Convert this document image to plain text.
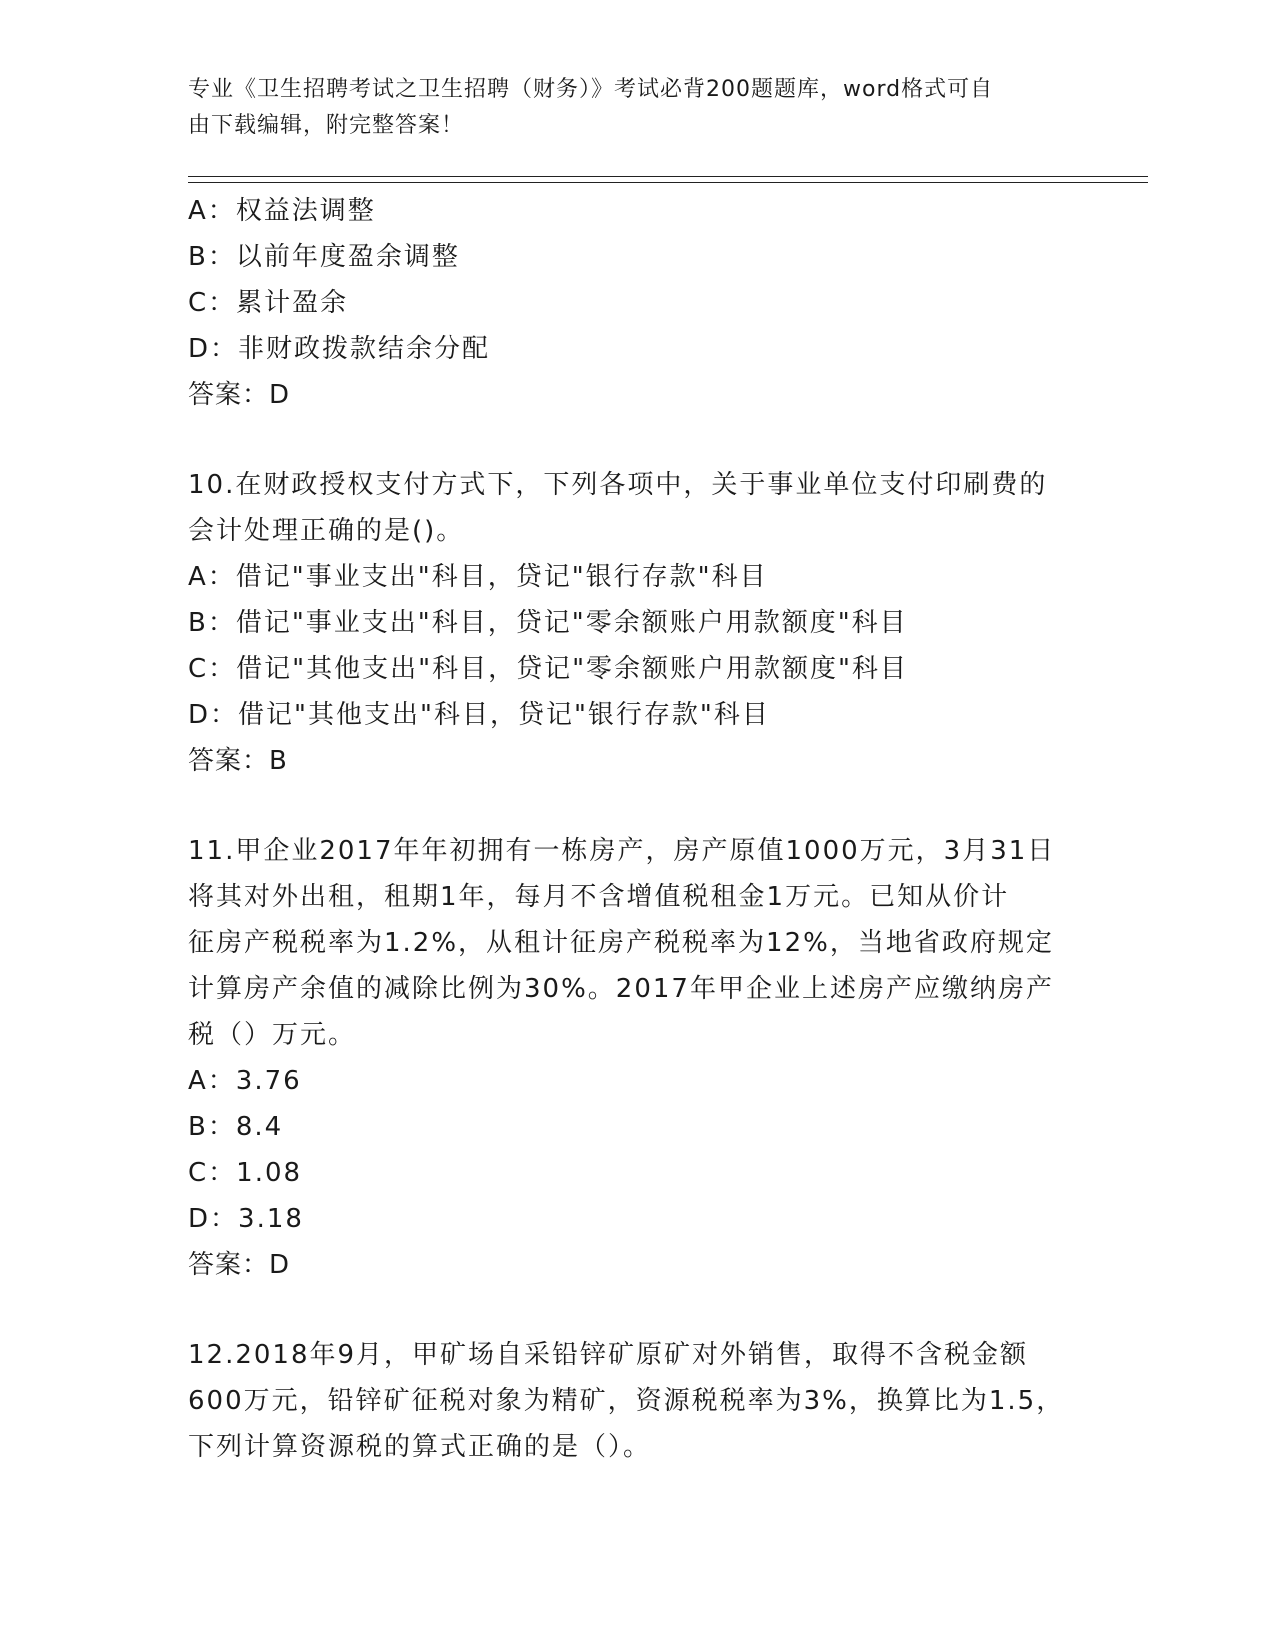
专业《卫生招聘考试之卫生招聘（财务）》考试必背200题题库，word格式可自
由下载编辑，附完整答案！
A：权益法调整
B：以前年度盈余调整
C：累计盈余
D：非财政拨款结余分配
答案：D
10.在财政授权支付方式下，下列各项中，关于事业单位支付印刷费的
会计处理正确的是()。
A：借记"事业支出"科目，贷记"银行存款"科目
B：借记"事业支出"科目，贷记"零余额账户用款额度"科目
C：借记"其他支出"科目，贷记"零余额账户用款额度"科目
D：借记"其他支出"科目，贷记"银行存款"科目
答案：B
11.甲企业2017年年初拥有一栋房产，房产原值1000万元，3月31日
将其对外出租，租期1年，每月不含增值税租金1万元。已知从价计
征房产税税率为1.2%，从租计征房产税税率为12%，当地省政府规定
计算房产余值的减除比例为30%。2017年甲企业上述房产应缴纳房产
税（）万元。
A：3.76
B：8.4
C：1.08
D：3.18
答案：D
12.2018年9月，甲矿场自采铅锌矿原矿对外销售，取得不含税金额
600万元，铅锌矿征税对象为精矿，资源税税率为3%，换算比为1.5，
下列计算资源税的算式正确的是（）。
